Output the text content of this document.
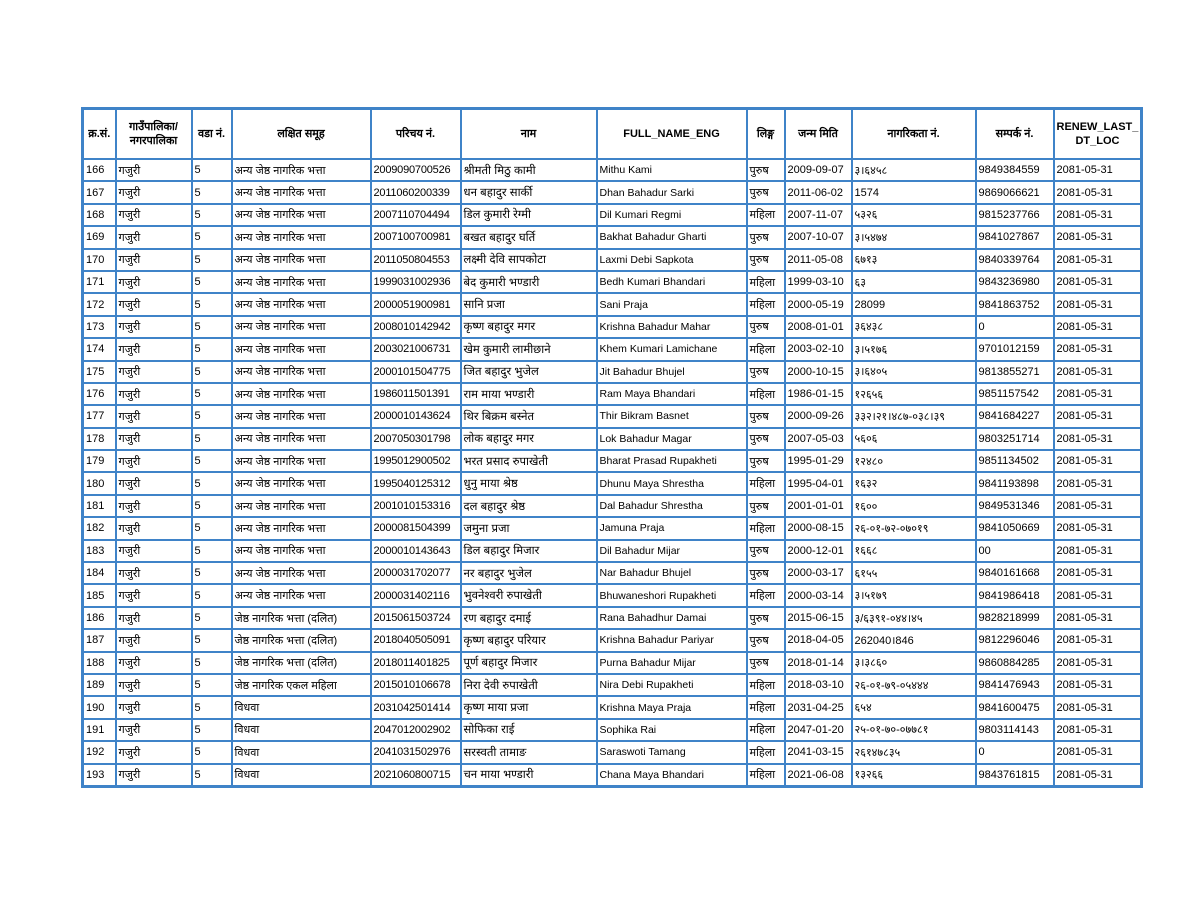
क्र.सं.	गाउँपालिका/ नगरपालिका	वडा नं.	लक्षित समूह	परिचय नं.	नाम	FULL_NAME_ENG	लिङ्ग	जन्म मिति	नागरिकता नं.	सम्पर्क नं.	RENEW_LAST_ DT_LOC
166	गजुरी	5	अन्य जेष्ठ नागरिक भत्ता	2009090700526	श्रीमती मिठु कामी	Mithu Kami	पुरुष	2009-09-07	३।६४५८	9849384559	2081-05-31
167	गजुरी	5	अन्य जेष्ठ नागरिक भत्ता	2011060200339	धन बहादुर सार्की	Dhan Bahadur Sarki	पुरुष	2011-06-02	1574	9869066621	2081-05-31
168	गजुरी	5	अन्य जेष्ठ नागरिक भत्ता	2007110704494	डिल कुमारी रेग्मी	Dil Kumari Regmi	महिला	2007-11-07	५३२६	9815237766	2081-05-31
169	गजुरी	5	अन्य जेष्ठ नागरिक भत्ता	2007100700981	बखत बहादुर घर्ति	Bakhat Bahadur Gharti	पुरुष	2007-10-07	३।५४७४	9841027867	2081-05-31
170	गजुरी	5	अन्य जेष्ठ नागरिक भत्ता	2011050804553	लक्ष्मी देवि सापकोटा	Laxmi Debi Sapkota	पुरुष	2011-05-08	६७१३	9840339764	2081-05-31
171	गजुरी	5	अन्य जेष्ठ नागरिक भत्ता	1999031002936	बेद कुमारी भण्डारी	Bedh Kumari Bhandari	महिला	1999-03-10	६३	9843236980	2081-05-31
172	गजुरी	5	अन्य जेष्ठ नागरिक भत्ता	2000051900981	सानि प्रजा	Sani Praja	महिला	2000-05-19	28099	9841863752	2081-05-31
173	गजुरी	5	अन्य जेष्ठ नागरिक भत्ता	2008010142942	कृष्ण बहादुर मगर	Krishna Bahadur Mahar	पुरुष	2008-01-01	३६४३८	0	2081-05-31
174	गजुरी	5	अन्य जेष्ठ नागरिक भत्ता	2003021006731	खेम कुमारी लामीछाने	Khem Kumari Lamichane	महिला	2003-02-10	३।५१७६	9701012159	2081-05-31
175	गजुरी	5	अन्य जेष्ठ नागरिक भत्ता	2000101504775	जित बहादुर भुजेल	Jit Bahadur Bhujel	पुरुष	2000-10-15	३।६४०५	9813855271	2081-05-31
176	गजुरी	5	अन्य जेष्ठ नागरिक भत्ता	1986011501391	राम माया भण्डारी	Ram Maya Bhandari	महिला	1986-01-15	१२६५६	9851157542	2081-05-31
177	गजुरी	5	अन्य जेष्ठ नागरिक भत्ता	2000010143624	थिर बिक्रम बस्नेत	Thir Bikram Basnet	पुरुष	2000-09-26	३३२।२१।४८७-०३८।३९	9841684227	2081-05-31
178	गजुरी	5	अन्य जेष्ठ नागरिक भत्ता	2007050301798	लोक बहादुर मगर	Lok Bahadur Magar	पुरुष	2007-05-03	५६०६	9803251714	2081-05-31
179	गजुरी	5	अन्य जेष्ठ नागरिक भत्ता	1995012900502	भरत प्रसाद रुपाखेती	Bharat Prasad Rupakheti	पुरुष	1995-01-29	१२४८०	9851134502	2081-05-31
180	गजुरी	5	अन्य जेष्ठ नागरिक भत्ता	1995040125312	धुनु माया श्रेष्ठ	Dhunu Maya Shrestha	महिला	1995-04-01	१६३२	9841193898	2081-05-31
181	गजुरी	5	अन्य जेष्ठ नागरिक भत्ता	2001010153316	दल बहादुर श्रेष्ठ	Dal Bahadur Shrestha	पुरुष	2001-01-01	१६००	9849531346	2081-05-31
182	गजुरी	5	अन्य जेष्ठ नागरिक भत्ता	2000081504399	जमुना प्रजा	Jamuna Praja	महिला	2000-08-15	२६-०१-७२-०७०१९	9841050669	2081-05-31
183	गजुरी	5	अन्य जेष्ठ नागरिक भत्ता	2000010143643	डिल बहादुर मिजार	Dil Bahadur Mijar	पुरुष	2000-12-01	१६६८	00	2081-05-31
184	गजुरी	5	अन्य जेष्ठ नागरिक भत्ता	2000031702077	नर बहादुर भुजेल	Nar Bahadur Bhujel	पुरुष	2000-03-17	६१५५	9840161668	2081-05-31
185	गजुरी	5	अन्य जेष्ठ नागरिक भत्ता	2000031402116	भुवनेश्वरी रुपाखेती	Bhuwaneshori Rupakheti	महिला	2000-03-14	३।५१७९	9841986418	2081-05-31
186	गजुरी	5	जेष्ठ नागरिक भत्ता (दलित)	2015061503724	रण बहादुर दमाई	Rana Bahadhur Damai	पुरुष	2015-06-15	३/६३९१-०४४।४५	9828218999	2081-05-31
187	गजुरी	5	जेष्ठ नागरिक भत्ता (दलित)	2018040505091	कृष्ण बहादुर परियार	Krishna Bahadur Pariyar	पुरुष	2018-04-05	262040।846	9812296046	2081-05-31
188	गजुरी	5	जेष्ठ नागरिक भत्ता (दलित)	2018011401825	पूर्ण बहादुर मिजार	Purna Bahadur Mijar	पुरुष	2018-01-14	३।३८६०	9860884285	2081-05-31
189	गजुरी	5	जेष्ठ नागरिक एकल महिला	2015010106678	निरा देवी रुपाखेती	Nira Debi Rupakheti	महिला	2018-03-10	२६-०१-७९-०५४४४	9841476943	2081-05-31
190	गजुरी	5	विधवा	2031042501414	कृष्ण माया प्रजा	Krishna Maya Praja	महिला	2031-04-25	६५४	9841600475	2081-05-31
191	गजुरी	5	विधवा	2047012002902	सोफिका राई	Sophika Rai	महिला	2047-01-20	२५-०१-७०-०७७८१	9803114143	2081-05-31
192	गजुरी	5	विधवा	2041031502976	सरस्वती तामाङ	Saraswoti Tamang	महिला	2041-03-15	२६१४७८३५	0	2081-05-31
193	गजुरी	5	विधवा	2021060800715	चन माया भण्डारी	Chana Maya Bhandari	महिला	2021-06-08	१३२६६	9843761815	2081-05-31
